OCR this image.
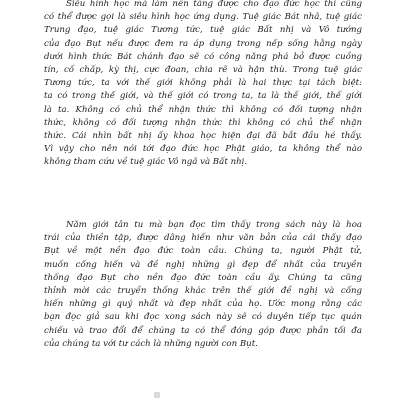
Siêu hình học mà làm nền tảng được cho đạo đức học thì cũng
có thể được gọi là siêu hình học ứng dụng. Tuệ giác Bát nhã, tuệ giác
Trung đạo, tuệ giác Tương tức, tuệ giác Bất nhị và Vô tướng
của đạo Bụt nếu được đem ra áp dụng trong nếp sống hằng ngày
dưới hình thức Bát chánh đạo sẽ có công năng phá bỏ được cuồng
tín, cố chấp, kỳ thị, cực đoan, chia rẽ và hận thù. Trong tuệ giác
Tương tức, ta với thế giới không phải là hai thực tại tách biệt:
ta có trong thế giới, và thế giới có trong ta, ta là thế giới, thế giới
là ta. Không có chủ thể nhận thức thì không có đối tượng nhận
thức, không có đối tượng nhận thức thì không có chủ thể nhận
thức. Cái nhìn bất nhị ấy khoa học hiện đại đã bắt đầu hé thấy.
Vì vậy cho nên nói tới đạo đức học Phật giáo, ta không thể nào
không tham cứu về tuệ giác Vô ngã và Bất nhị.
Năm giới tân tu mà bạn đọc tìm thấy trong sách này là hoa
trái của thiền tập, được dâng hiến như văn bản của cái thấy đạo
Bụt về một nền đạo đức toàn cầu. Chúng ta, người Phật tử,
muốn cống hiến và đề nghị những gì đẹp để nhất của truyền
thống đạo Bụt cho nền đạo đức toàn cầu ấy. Chúng ta cũng
thỉnh mời các truyền thống khác trên thế giới đề nghị và cống
hiến những gì quý nhất và đẹp nhất của họ. Ước mong rằng các
bạn đọc giả sau khi đọc xong sách này sẽ có duyên tiếp tục quán
chiếu và trao đổi để chúng ta có thể đóng góp được phần tối đa
của chúng ta với tư cách là những người con Bụt.
